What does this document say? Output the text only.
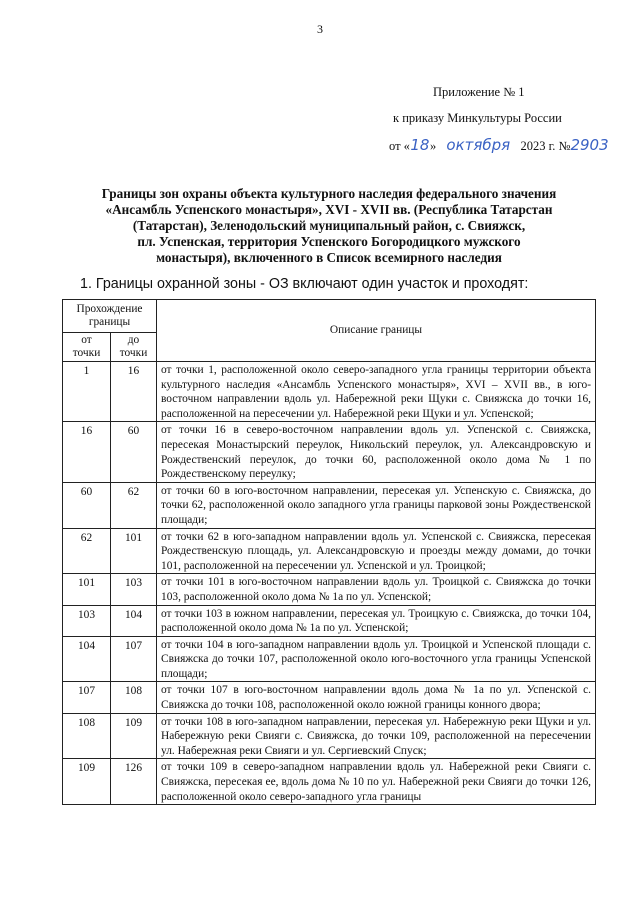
3
Приложение № 1
к приказу Минкультуры России
от «18» октября 2023 г. №2903
Границы зон охраны объекта культурного наследия федерального значения
«Ансамбль Успенского монастыря», XVI - XVII вв. (Республика Татарстан
(Татарстан), Зеленодольский муниципальный район, с. Свияжск,
пл. Успенская, территория Успенского Богородицкого мужского
монастыря), включенного в Список всемирного наследия
1. Границы охранной зоны - ОЗ включают один участок и проходят:
Прохождение границы		Описание границы
от точки	до точки	
1	16	от точки 1, расположенной около северо-западного угла границы территории объекта культурного наследия «Ансамбль Успенского монастыря», XVI – XVII вв., в юго-восточном направлении вдоль ул. Набережной реки Щуки с. Свияжска до точки 16, расположенной на пересечении ул. Набережной реки Щуки и ул. Успенской;
16	60	от точки 16 в северо-восточном направлении вдоль ул. Успенской с. Свияжска, пересекая Монастырский переулок, Никольский переулок, ул. Александровскую и Рождественский переулок, до точки 60, расположенной около дома № 1 по Рождественскому переулку;
60	62	от точки 60 в юго-восточном направлении, пересекая ул. Успенскую с. Свияжска, до точки 62, расположенной около западного угла границы парковой зоны Рождественской площади;
62	101	от точки 62 в юго-западном направлении вдоль ул. Успенской с. Свияжска, пересекая Рождественскую площадь, ул. Александровскую и проезды между домами, до точки 101, расположенной на пересечении ул. Успенской и ул. Троицкой;
101	103	от точки 101 в юго-восточном направлении вдоль ул. Троицкой с. Свияжска до точки 103, расположенной около дома № 1а по ул. Успенской;
103	104	от точки 103 в южном направлении, пересекая ул. Троицкую с. Свияжска, до точки 104, расположенной около дома № 1а по ул. Успенской;
104	107	от точки 104 в юго-западном направлении вдоль ул. Троицкой и Успенской площади с. Свияжска до точки 107, расположенной около юго-восточного угла границы Успенской площади;
107	108	от точки 107 в юго-восточном направлении вдоль дома № 1а по ул. Успенской с. Свияжска до точки 108, расположенной около южной границы конного двора;
108	109	от точки 108 в юго-западном направлении, пересекая ул. Набережную реки Щуки и ул. Набережную реки Свияги с. Свияжска, до точки 109, расположенной на пересечении ул. Набережная реки Свияги и ул. Сергиевский Спуск;
109	126	от точки 109 в северо-западном направлении вдоль ул. Набережной реки Свияги с. Свияжска, пересекая ее, вдоль дома № 10 по ул. Набережной реки Свияги до точки 126, расположенной около северо-западного угла границы
